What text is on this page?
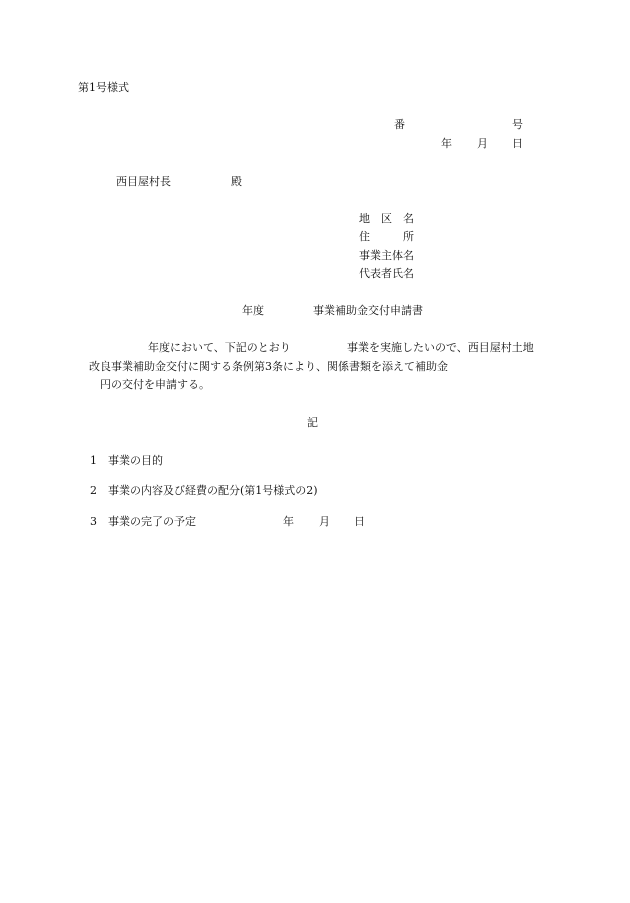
第1号様式
番	号
年 月 日
西目屋村長	殿
地　区　名
住　　　所
事業主体名
代表者氏名
年度	事業補助金交付申請書
年度において、下記のとおり	事業を実施したいので、西目屋村土地
改良事業補助金交付に関する条例第3条により、関係書類を添えて補助金
円の交付を申請する。
記
1 事業の目的
2 事業の内容及び経費の配分(第1号様式の2)
3 事業の完了の予定	年 月 日
